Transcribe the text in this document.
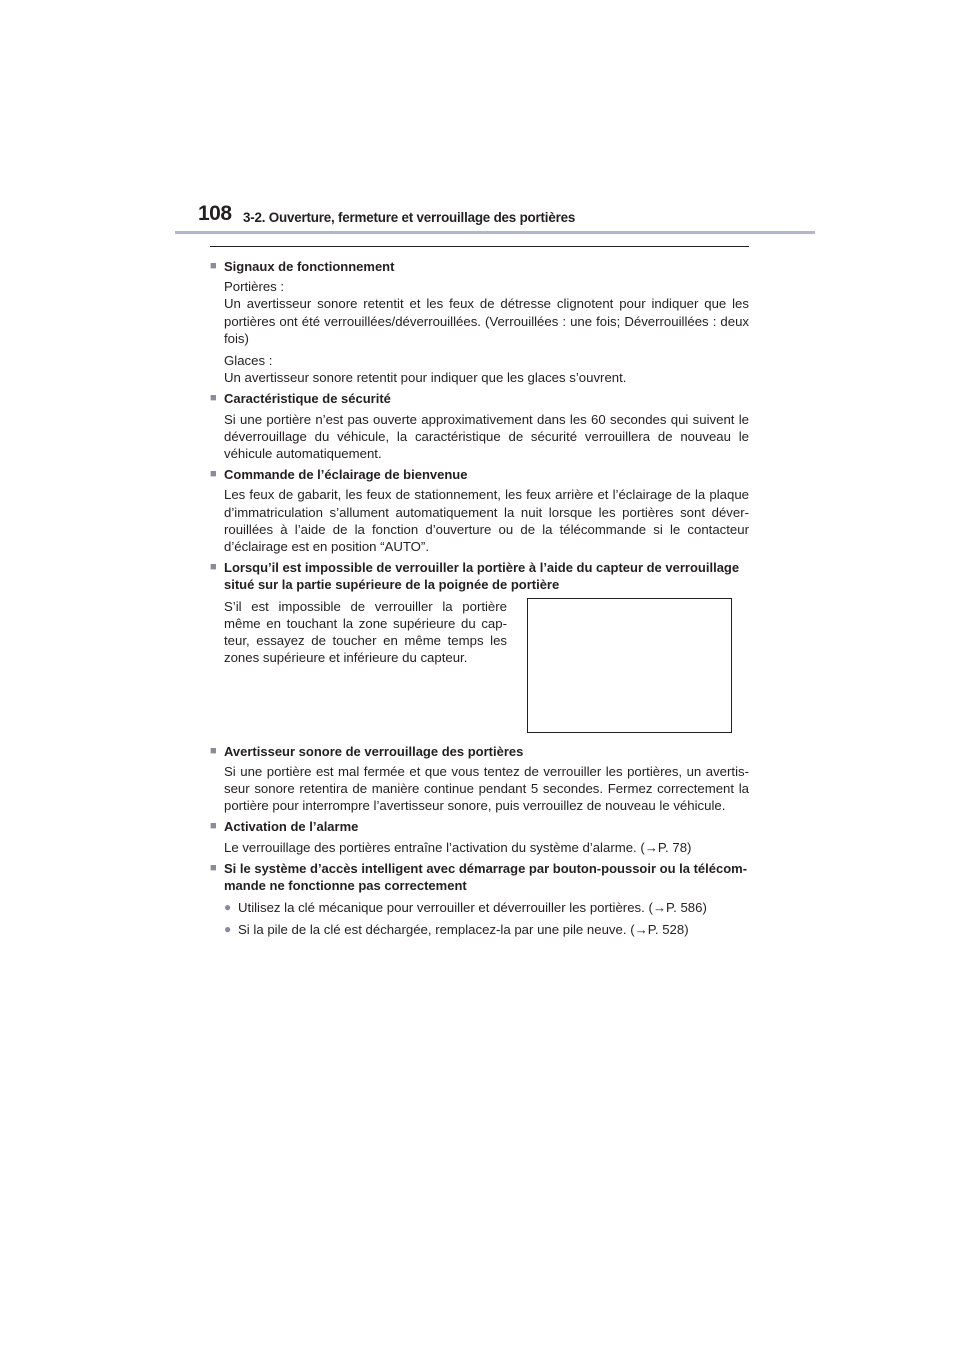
108 3-2. Ouverture, fermeture et verrouillage des portières
■ Signaux de fonctionnement
Portières :
Un avertisseur sonore retentit et les feux de détresse clignotent pour indiquer que les portières ont été verrouillées/déverrouillées. (Verrouillées : une fois; Déverrouillées : deux fois)
Glaces :
Un avertisseur sonore retentit pour indiquer que les glaces s’ouvrent.
■ Caractéristique de sécurité
Si une portière n’est pas ouverte approximativement dans les 60 secondes qui suivent le déverrouillage du véhicule, la caractéristique de sécurité verrouillera de nouveau le véhicule automatiquement.
■ Commande de l’éclairage de bienvenue
Les feux de gabarit, les feux de stationnement, les feux arrière et l’éclairage de la plaque d’immatriculation s’allument automatiquement la nuit lorsque les portières sont déver-rouillées à l’aide de la fonction d’ouverture ou de la télécommande si le contacteur d’éclairage est en position “AUTO”.
■ Lorsqu’il est impossible de verrouiller la portière à l’aide du capteur de verrouillage situé sur la partie supérieure de la poignée de portière
S’il est impossible de verrouiller la portière même en touchant la zone supérieure du cap-teur, essayez de toucher en même temps les zones supérieure et inférieure du capteur.
■ Avertisseur sonore de verrouillage des portières
Si une portière est mal fermée et que vous tentez de verrouiller les portières, un avertis-seur sonore retentira de manière continue pendant 5 secondes. Fermez correctement la portière pour interrompre l’avertisseur sonore, puis verrouillez de nouveau le véhicule.
■ Activation de l’alarme
Le verrouillage des portières entraîne l’activation du système d’alarme. (→P. 78)
■ Si le système d’accès intelligent avec démarrage par bouton-poussoir ou la télécom-mande ne fonctionne pas correctement
● Utilisez la clé mécanique pour verrouiller et déverrouiller les portières. (→P. 586)
● Si la pile de la clé est déchargée, remplacez-la par une pile neuve. (→P. 528)
